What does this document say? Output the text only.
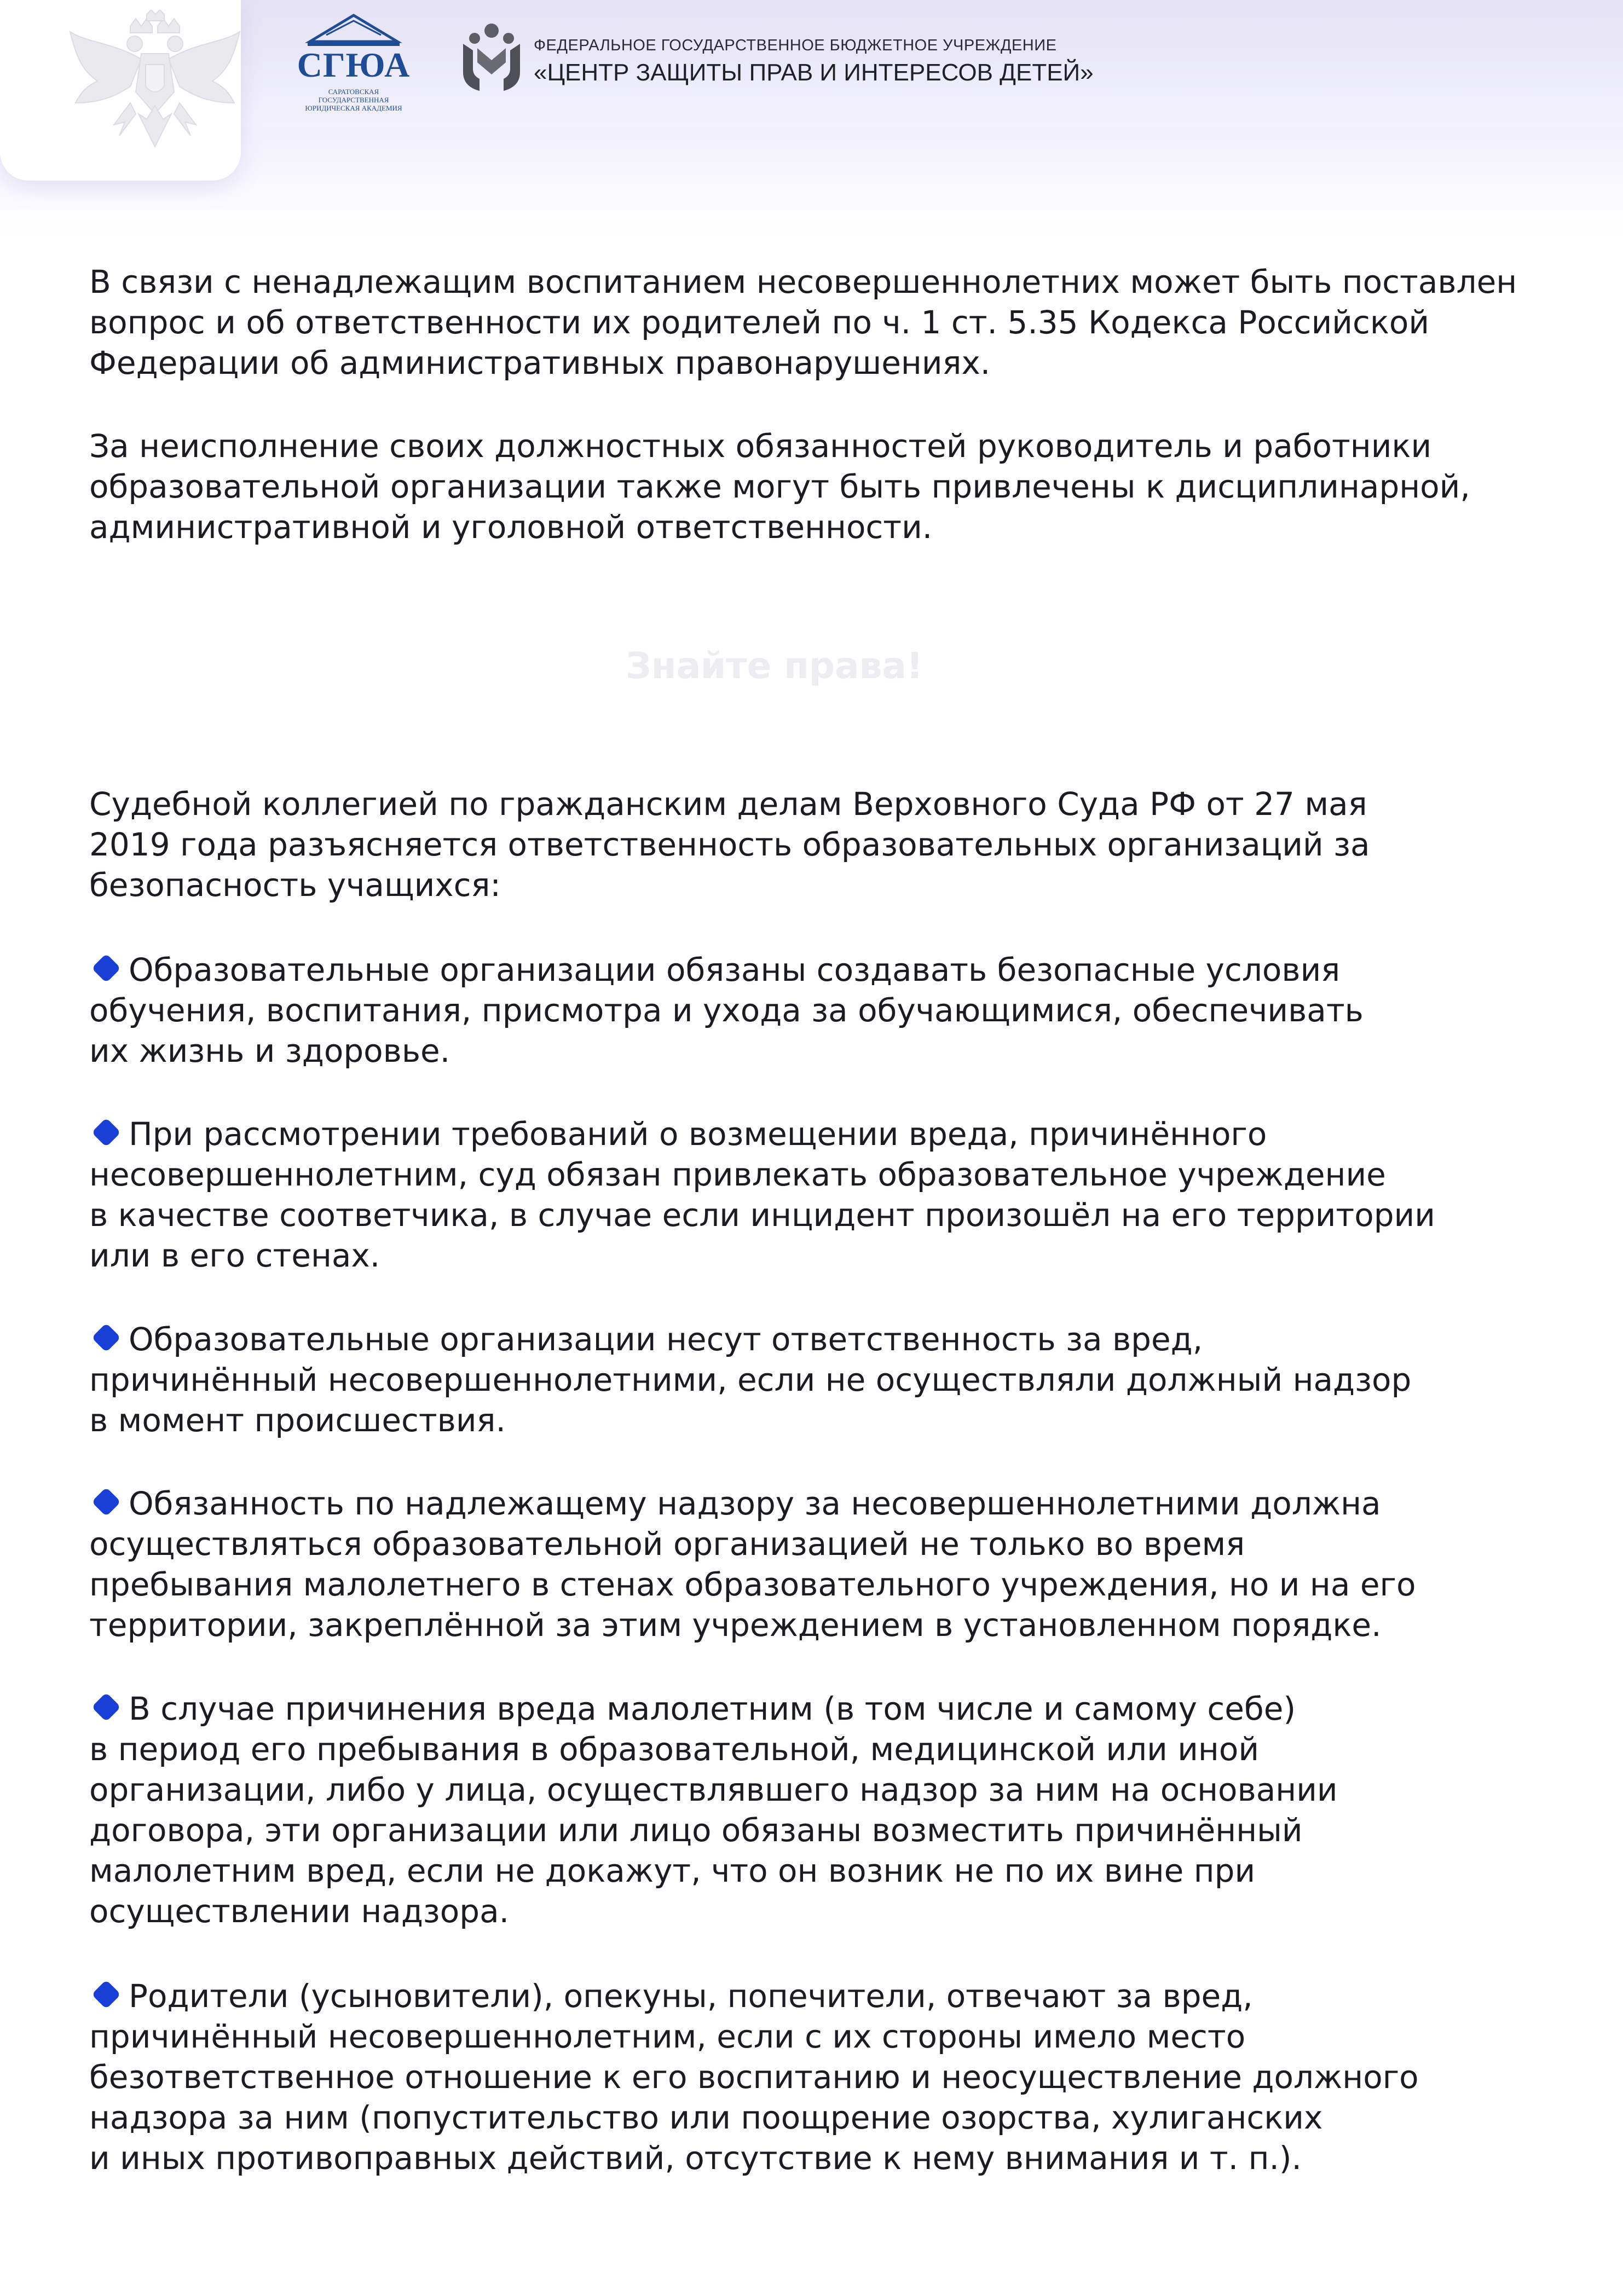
СГЮА
САРАТОВСКАЯ ГОСУДАРСТВЕННАЯ
ЮРИДИЧЕСКАЯ АКАДЕМИЯ
ФЕДЕРАЛЬНОЕ ГОСУДАРСТВЕННОЕ БЮДЖЕТНОЕ УЧРЕЖДЕНИЕ
«ЦЕНТР ЗАЩИТЫ ПРАВ И ИНТЕРЕСОВ ДЕТЕЙ»

В связи с ненадлежащим воспитанием несовершеннолетних может быть поставлен
вопрос и об ответственности их родителей по ч. 1 ст. 5.35 Кодекса Российской
Федерации об административных правонарушениях.

За неисполнение своих должностных обязанностей руководитель и работники
образовательной организации также могут быть привлечены к дисциплинарной,
административной и уголовной ответственности.

Знайте права!

Судебной коллегией по гражданским делам Верховного Суда РФ от 27 мая
2019 года разъясняется ответственность образовательных организаций за
безопасность учащихся:

Образовательные организации обязаны создавать безопасные условия
обучения, воспитания, присмотра и ухода за обучающимися, обеспечивать
их жизнь и здоровье.

При рассмотрении требований о возмещении вреда, причинённого
несовершеннолетним, суд обязан привлекать образовательное учреждение
в качестве соответчика, в случае если инцидент произошёл на его территории
или в его стенах.

Образовательные организации несут ответственность за вред,
причинённый несовершеннолетними, если не осуществляли должный надзор
в момент происшествия.

Обязанность по надлежащему надзору за несовершеннолетними должна
осуществляться образовательной организацией не только во время
пребывания малолетнего в стенах образовательного учреждения, но и на его
территории, закреплённой за этим учреждением в установленном порядке.

В случае причинения вреда малолетним (в том числе и самому себе)
в период его пребывания в образовательной, медицинской или иной
организации, либо у лица, осуществлявшего надзор за ним на основании
договора, эти организации или лицо обязаны возместить причинённый
малолетним вред, если не докажут, что он возник не по их вине при
осуществлении надзора.

Родители (усыновители), опекуны, попечители, отвечают за вред,
причинённый несовершеннолетним, если с их стороны имело место
безответственное отношение к его воспитанию и неосуществление должного
надзора за ним (попустительство или поощрение озорства, хулиганских
и иных противоправных действий, отсутствие к нему внимания и т. п.).
